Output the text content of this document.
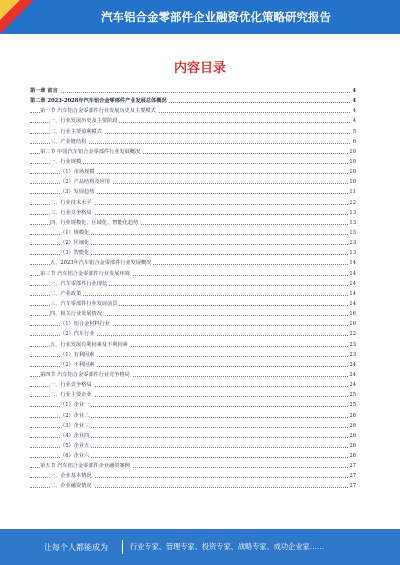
汽车铝合金零部件企业融资优化策略研究报告
内容目录
第一章 前言	4
第二章 2023-2028年汽车铝合金零部件产业发展总体概况	4
第一节 汽车铝合金零部件行业发展历史及主要模式	4
一、行业发展历史及主要阶段	4
二、行业主要盈利模式	5
三、产业链结构	6
第二节 中国汽车铝合金零部件行业发展概况	10
一、行业规模	10
（1）市场规模	10
（2）产品结构及应用	10
（3）发展趋势	11
二、行业技术水平	12
三、行业竞争格局	13
四、行业规模化、区域化、智能化趋势	13
（1）规模化	13
（2）区域化	13
（3）智能化	13
五、2023年汽车铝合金零部件行业发展概况	14
第三节 汽车铝合金零部件行业发展环境	14
一、汽车零部件行业现状	14
二、产业政策	14
三、汽车零部件行业发展前景	14
四、相关行业发展情况	16
（1）铝合金材料行业	16
（2）汽车行业	22
五、行业发展有利因素及不利因素	23
（1）有利因素	23
（2）不利因素	24
第四节 汽车铝合金零部件行业竞争格局	24
一、行业竞争格局	24
二、行业主要企业	25
（1）企业一	25
（2）企业二	26
（3）企业三	26
（4）企业四	26
（5）企业五	26
（6）企业六	26
第五节 汽车铝合金零部件企业融资案例	27
一、企业基本情况	27
二、企业融资情况	27
让每个人都能成为	行业专家、管理专家、投资专家、战略专家、成功企业家……
